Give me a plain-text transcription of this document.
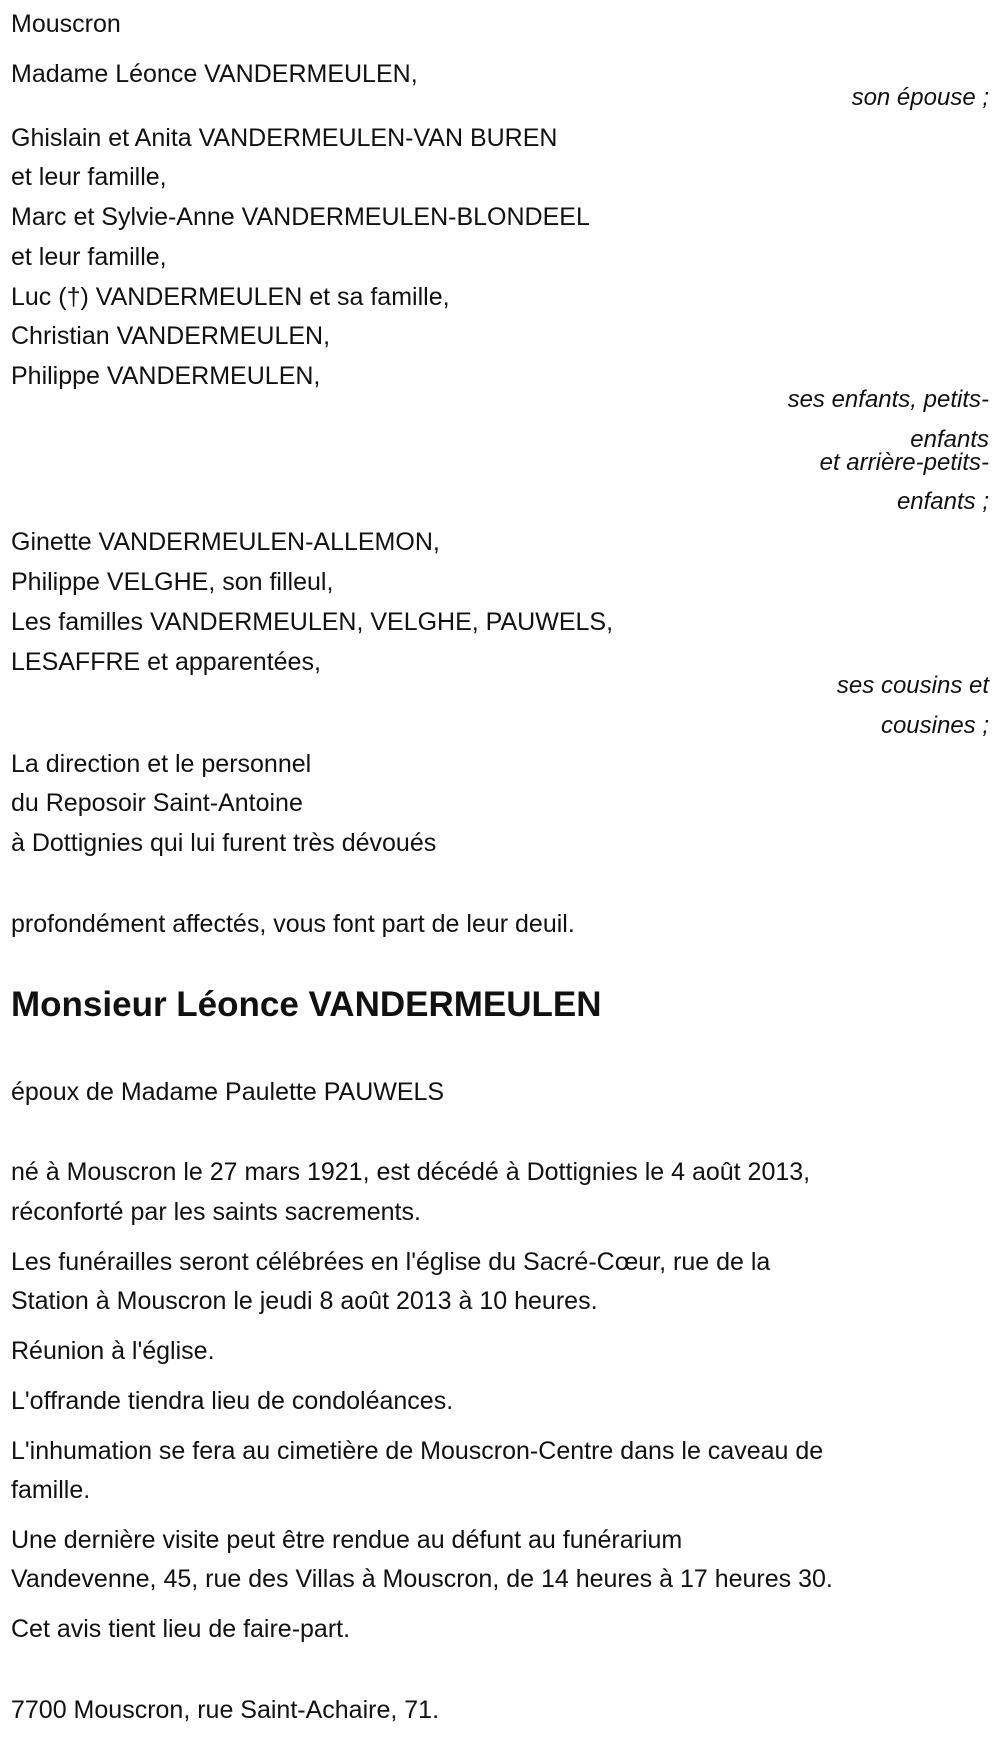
Mouscron
Madame Léonce VANDERMEULEN,
son épouse ;
Ghislain et Anita VANDERMEULEN-VAN BUREN
et leur famille,
Marc et Sylvie-Anne VANDERMEULEN-BLONDEEL
et leur famille,
Luc (†) VANDERMEULEN et sa famille,
Christian VANDERMEULEN,
Philippe VANDERMEULEN,
ses enfants, petits-
enfants
et arrière-petits-
enfants ;
Ginette VANDERMEULEN-ALLEMON,
Philippe VELGHE, son filleul,
Les familles VANDERMEULEN, VELGHE, PAUWELS,
LESAFFRE et apparentées,
ses cousins et
cousines ;
La direction et le personnel
du Reposoir Saint-Antoine
à Dottignies qui lui furent très dévoués
profondément affectés, vous font part de leur deuil.
Monsieur Léonce VANDERMEULEN
époux de Madame Paulette PAUWELS
né à Mouscron le 27 mars 1921, est décédé à Dottignies le 4 août 2013,
réconforté par les saints sacrements.
Les funérailles seront célébrées en l'église du Sacré-Cœur, rue de la
Station à Mouscron le jeudi 8 août 2013 à 10 heures.
Réunion à l'église.
L'offrande tiendra lieu de condoléances.
L'inhumation se fera au cimetière de Mouscron-Centre dans le caveau de
famille.
Une dernière visite peut être rendue au défunt au funérarium
Vandevenne, 45, rue des Villas à Mouscron, de 14 heures à 17 heures 30.
Cet avis tient lieu de faire-part.
7700 Mouscron, rue Saint-Achaire, 71.
